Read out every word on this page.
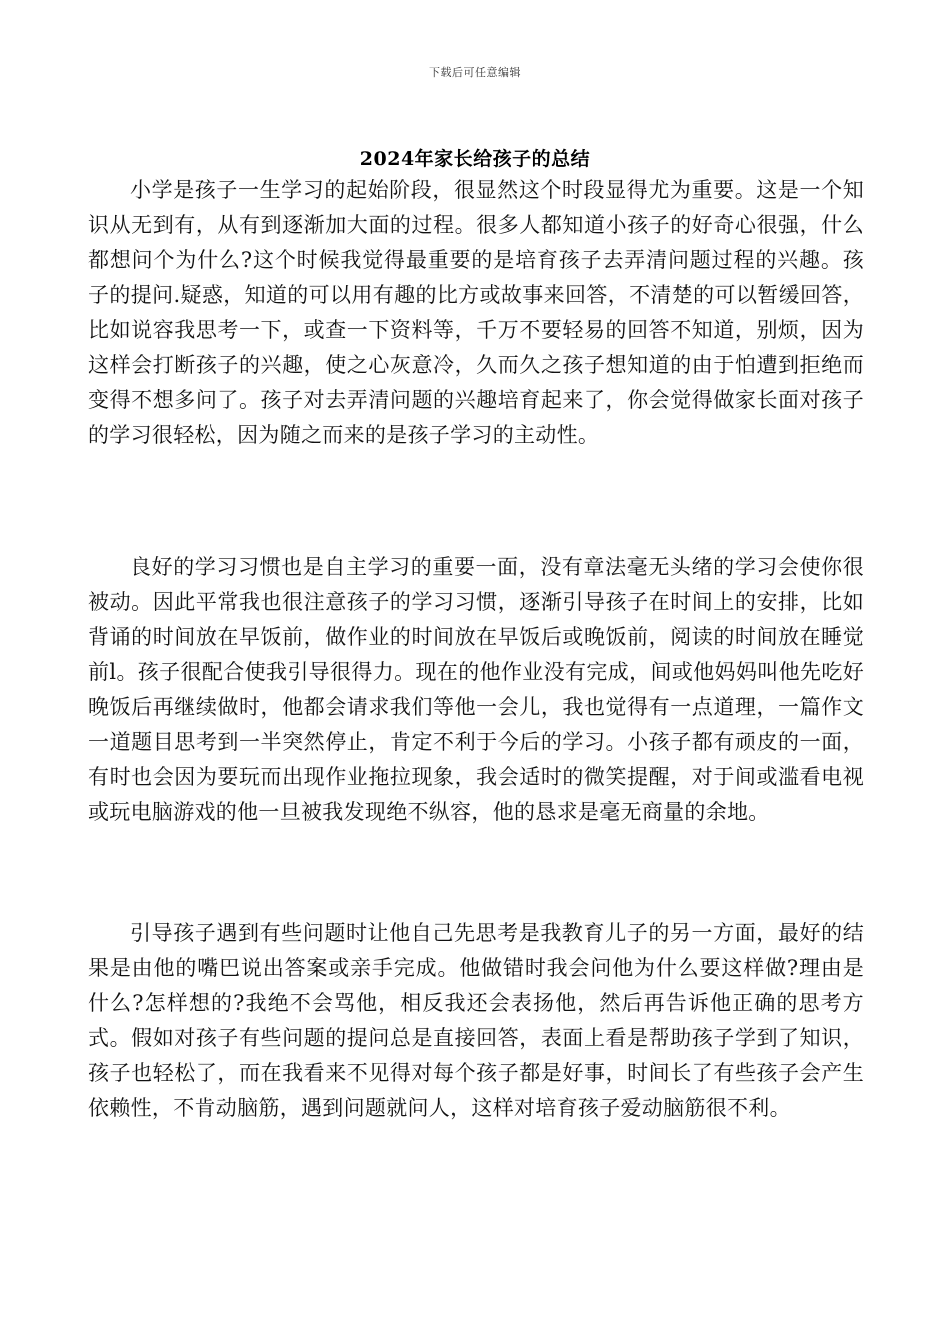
下载后可任意编辑
2024年家长给孩子的总结

小学是孩子一生学习的起始阶段，很显然这个时段显得尤为重要。这是一个知识从无到有，从有到逐渐加大面的过程。很多人都知道小孩子的好奇心很强，什么都想问个为什么?这个时候我觉得最重要的是培育孩子去弄清问题过程的兴趣。孩子的提问.疑惑，知道的可以用有趣的比方或故事来回答，不清楚的可以暂缓回答，比如说容我思考一下，或查一下资料等，千万不要轻易的回答不知道，别烦，因为这样会打断孩子的兴趣，使之心灰意冷，久而久之孩子想知道的由于怕遭到拒绝而变得不想多问了。孩子对去弄清问题的兴趣培育起来了，你会觉得做家长面对孩子的学习很轻松，因为随之而来的是孩子学习的主动性。

良好的学习习惯也是自主学习的重要一面，没有章法毫无头绪的学习会使你很被动。因此平常我也很注意孩子的学习习惯，逐渐引导孩子在时间上的安排，比如背诵的时间放在早饭前，做作业的时间放在早饭后或晚饭前，阅读的时间放在睡觉前l。孩子很配合使我引导很得力。现在的他作业没有完成，间或他妈妈叫他先吃好晚饭后再继续做时，他都会请求我们等他一会儿，我也觉得有一点道理，一篇作文一道题目思考到一半突然停止，肯定不利于今后的学习。小孩子都有顽皮的一面，有时也会因为要玩而出现作业拖拉现象，我会适时的微笑提醒，对于间或滥看电视或玩电脑游戏的他一旦被我发现绝不纵容，他的恳求是毫无商量的余地。

引导孩子遇到有些问题时让他自己先思考是我教育儿子的另一方面，最好的结果是由他的嘴巴说出答案或亲手完成。他做错时我会问他为什么要这样做?理由是什么?怎样想的?我绝不会骂他，相反我还会表扬他，然后再告诉他正确的思考方式。假如对孩子有些问题的提问总是直接回答，表面上看是帮助孩子学到了知识，孩子也轻松了，而在我看来不见得对每个孩子都是好事，时间长了有些孩子会产生依赖性，不肯动脑筋，遇到问题就问人，这样对培育孩子爱动脑筋很不利。
